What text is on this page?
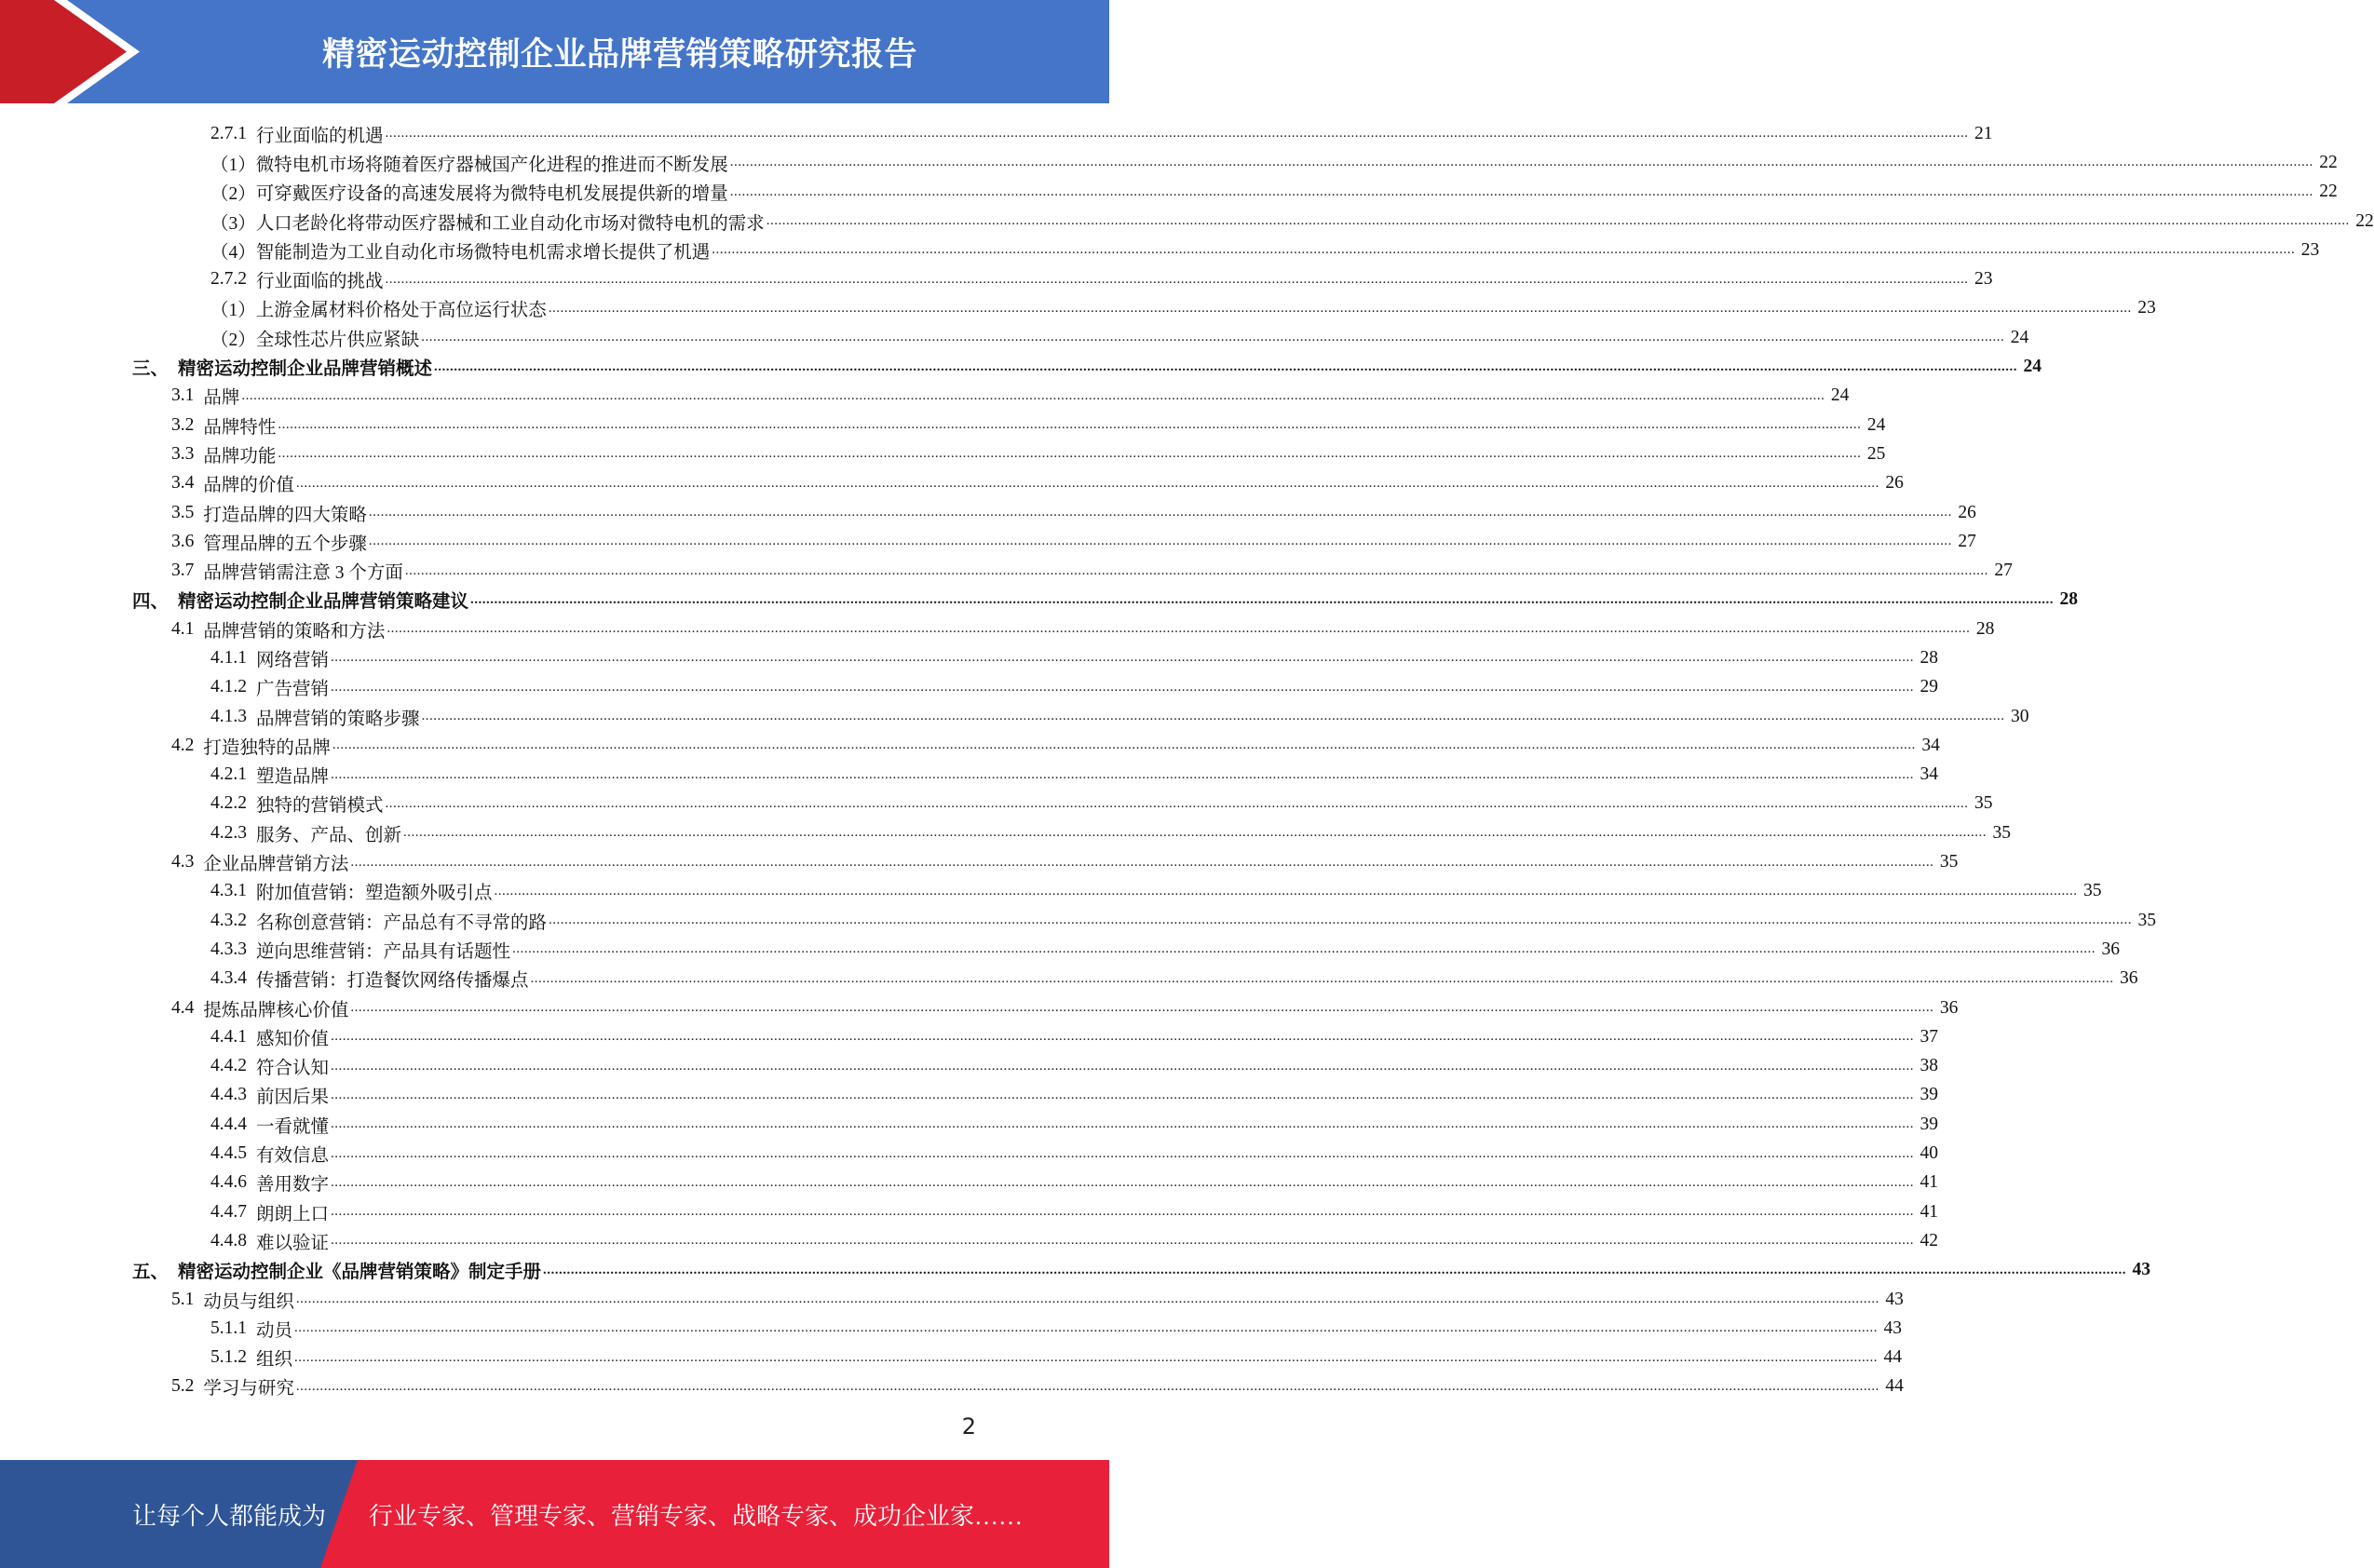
精密运动控制企业品牌营销策略研究报告
2.7.1 行业面临的机遇 ................................................................................................................................................................................................................................................................................................................................................................................................................ 21
（1） 微特电机市场将随着医疗器械国产化进程的推进而不断发展 ................................................................................................................................................................................................................................................................................................................................................................................................................ 22
（2） 可穿戴医疗设备的高速发展将为微特电机发展提供新的增量 ................................................................................................................................................................................................................................................................................................................................................................................................................ 22
（3） 人口老龄化将带动医疗器械和工业自动化市场对微特电机的需求 ................................................................................................................................................................................................................................................................................................................................................................................................................ 22
（4） 智能制造为工业自动化市场微特电机需求增长提供了机遇 ................................................................................................................................................................................................................................................................................................................................................................................................................ 23
2.7.2 行业面临的挑战 ................................................................................................................................................................................................................................................................................................................................................................................................................ 23
（1） 上游金属材料价格处于高位运行状态 ................................................................................................................................................................................................................................................................................................................................................................................................................ 23
（2） 全球性芯片供应紧缺 ................................................................................................................................................................................................................................................................................................................................................................................................................ 24
三、 精密运动控制企业品牌营销概述 ................................................................................................................................................................................................................................................................................................................................................................................................................ 24
3.1 品牌 ................................................................................................................................................................................................................................................................................................................................................................................................................ 24
3.2 品牌特性 ................................................................................................................................................................................................................................................................................................................................................................................................................ 24
3.3 品牌功能 ................................................................................................................................................................................................................................................................................................................................................................................................................ 25
3.4 品牌的价值 ................................................................................................................................................................................................................................................................................................................................................................................................................ 26
3.5 打造品牌的四大策略 ................................................................................................................................................................................................................................................................................................................................................................................................................ 26
3.6 管理品牌的五个步骤 ................................................................................................................................................................................................................................................................................................................................................................................................................ 27
3.7 品牌营销需注意 3 个方面 ................................................................................................................................................................................................................................................................................................................................................................................................................ 27
四、 精密运动控制企业品牌营销策略建议 ................................................................................................................................................................................................................................................................................................................................................................................................................ 28
4.1 品牌营销的策略和方法 ................................................................................................................................................................................................................................................................................................................................................................................................................ 28
4.1.1 网络营销 ................................................................................................................................................................................................................................................................................................................................................................................................................ 28
4.1.2 广告营销 ................................................................................................................................................................................................................................................................................................................................................................................................................ 29
4.1.3 品牌营销的策略步骤 ................................................................................................................................................................................................................................................................................................................................................................................................................ 30
4.2 打造独特的品牌 ................................................................................................................................................................................................................................................................................................................................................................................................................ 34
4.2.1 塑造品牌 ................................................................................................................................................................................................................................................................................................................................................................................................................ 34
4.2.2 独特的营销模式 ................................................................................................................................................................................................................................................................................................................................................................................................................ 35
4.2.3 服务、产品、创新 ................................................................................................................................................................................................................................................................................................................................................................................................................ 35
4.3 企业品牌营销方法 ................................................................................................................................................................................................................................................................................................................................................................................................................ 35
4.3.1 附加值营销：塑造额外吸引点 ................................................................................................................................................................................................................................................................................................................................................................................................................ 35
4.3.2 名称创意营销：产品总有不寻常的路 ................................................................................................................................................................................................................................................................................................................................................................................................................ 35
4.3.3 逆向思维营销：产品具有话题性 ................................................................................................................................................................................................................................................................................................................................................................................................................ 36
4.3.4 传播营销：打造餐饮网络传播爆点 ................................................................................................................................................................................................................................................................................................................................................................................................................ 36
4.4 提炼品牌核心价值 ................................................................................................................................................................................................................................................................................................................................................................................................................ 36
4.4.1 感知价值 ................................................................................................................................................................................................................................................................................................................................................................................................................ 37
4.4.2 符合认知 ................................................................................................................................................................................................................................................................................................................................................................................................................ 38
4.4.3 前因后果 ................................................................................................................................................................................................................................................................................................................................................................................................................ 39
4.4.4 一看就懂 ................................................................................................................................................................................................................................................................................................................................................................................................................ 39
4.4.5 有效信息 ................................................................................................................................................................................................................................................................................................................................................................................................................ 40
4.4.6 善用数字 ................................................................................................................................................................................................................................................................................................................................................................................................................ 41
4.4.7 朗朗上口 ................................................................................................................................................................................................................................................................................................................................................................................................................ 41
4.4.8 难以验证 ................................................................................................................................................................................................................................................................................................................................................................................................................ 42
五、 精密运动控制企业《品牌营销策略》制定手册 ................................................................................................................................................................................................................................................................................................................................................................................................................ 43
5.1 动员与组织 ................................................................................................................................................................................................................................................................................................................................................................................................................ 43
5.1.1 动员 ................................................................................................................................................................................................................................................................................................................................................................................................................ 43
5.1.2 组织 ................................................................................................................................................................................................................................................................................................................................................................................................................ 44
5.2 学习与研究 ................................................................................................................................................................................................................................................................................................................................................................................................................ 44
2
让每个人都能成为 行业专家、管理专家、营销专家、战略专家、成功企业家……
